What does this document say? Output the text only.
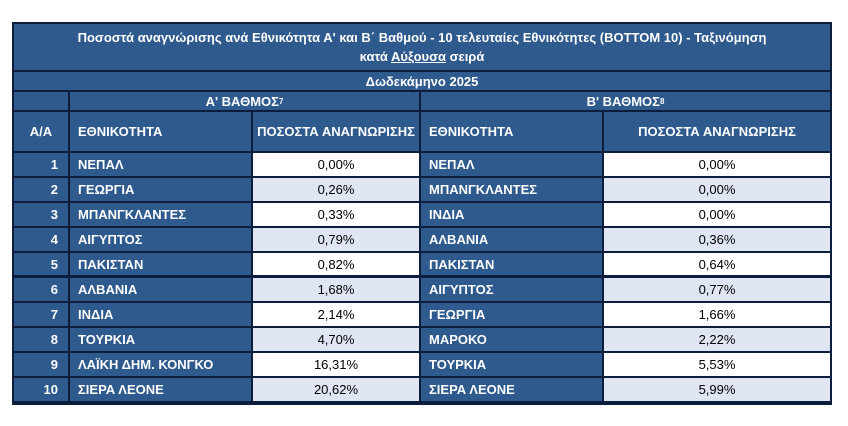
Ποσοστά αναγνώρισης ανά Εθνικότητα Α' και Β΄ Βαθμού - 10 τελευταίες Εθνικότητες (BOTTOM 10) - Ταξινόμηση
κατά Αύξουσα σειρά
Δωδεκάμηνο 2025
Α' ΒΑΘΜΟΣ 7	Β' ΒΑΘΜΟΣ 8
Α/Α	ΕΘΝΙΚΟΤΗΤΑ	ΠΟΣΟΣΤΑ ΑΝΑΓΝΩΡΙΣΗΣ	ΕΘΝΙΚΟΤΗΤΑ	ΠΟΣΟΣΤΑ ΑΝΑΓΝΩΡΙΣΗΣ
1	ΝΕΠΑΛ	0,00%	ΝΕΠΑΛ	0,00%
2	ΓΕΩΡΓΙΑ	0,26%	ΜΠΑΝΓΚΛΑΝΤΕΣ	0,00%
3	ΜΠΑΝΓΚΛΑΝΤΕΣ	0,33%	ΙΝΔΙΑ	0,00%
4	ΑΙΓΥΠΤΟΣ	0,79%	ΑΛΒΑΝΙΑ	0,36%
5	ΠΑΚΙΣΤΑΝ	0,82%	ΠΑΚΙΣΤΑΝ	0,64%
6	ΑΛΒΑΝΙΑ	1,68%	ΑΙΓΥΠΤΟΣ	0,77%
7	ΙΝΔΙΑ	2,14%	ΓΕΩΡΓΙΑ	1,66%
8	ΤΟΥΡΚΙΑ	4,70%	ΜΑΡΟΚΟ	2,22%
9	ΛΑΪΚΗ ΔΗΜ. ΚΟΝΓΚΟ	16,31%	ΤΟΥΡΚΙΑ	5,53%
10	ΣΙΕΡΑ ΛΕΟΝΕ	20,62%	ΣΙΕΡΑ ΛΕΟΝΕ	5,99%
